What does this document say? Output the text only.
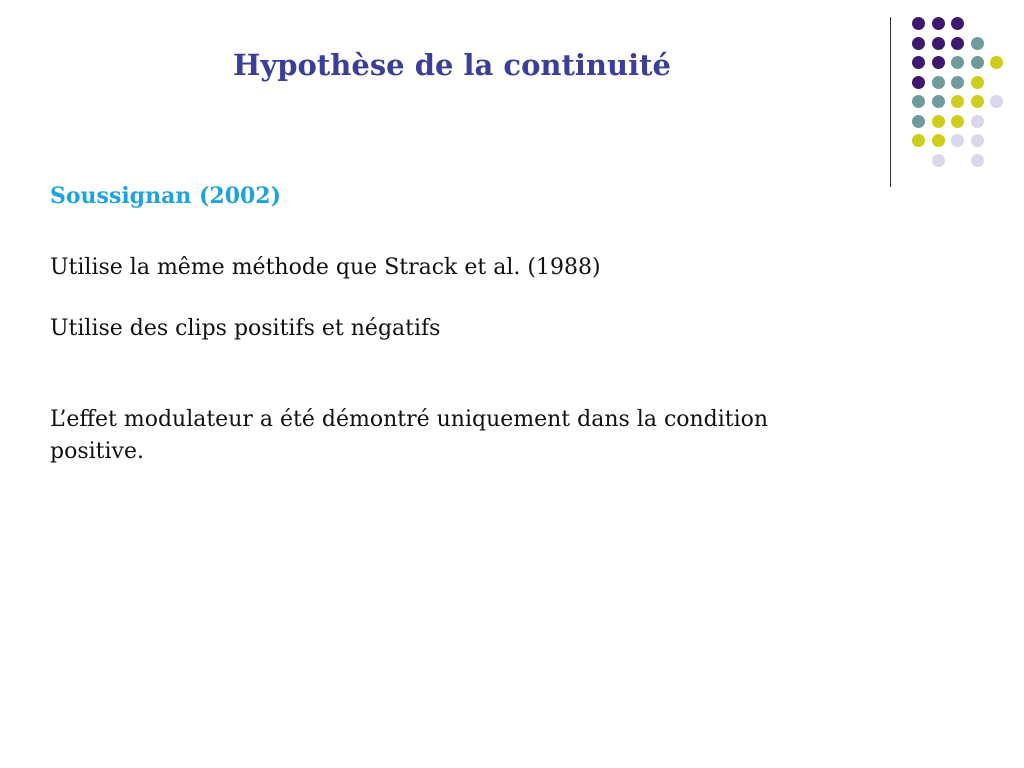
Hypothèse de la continuité

Soussignan (2002)

Utilise la même méthode que Strack et al. (1988)

Utilise des clips positifs et négatifs

L’effet modulateur a été démontré uniquement dans la condition positive.
